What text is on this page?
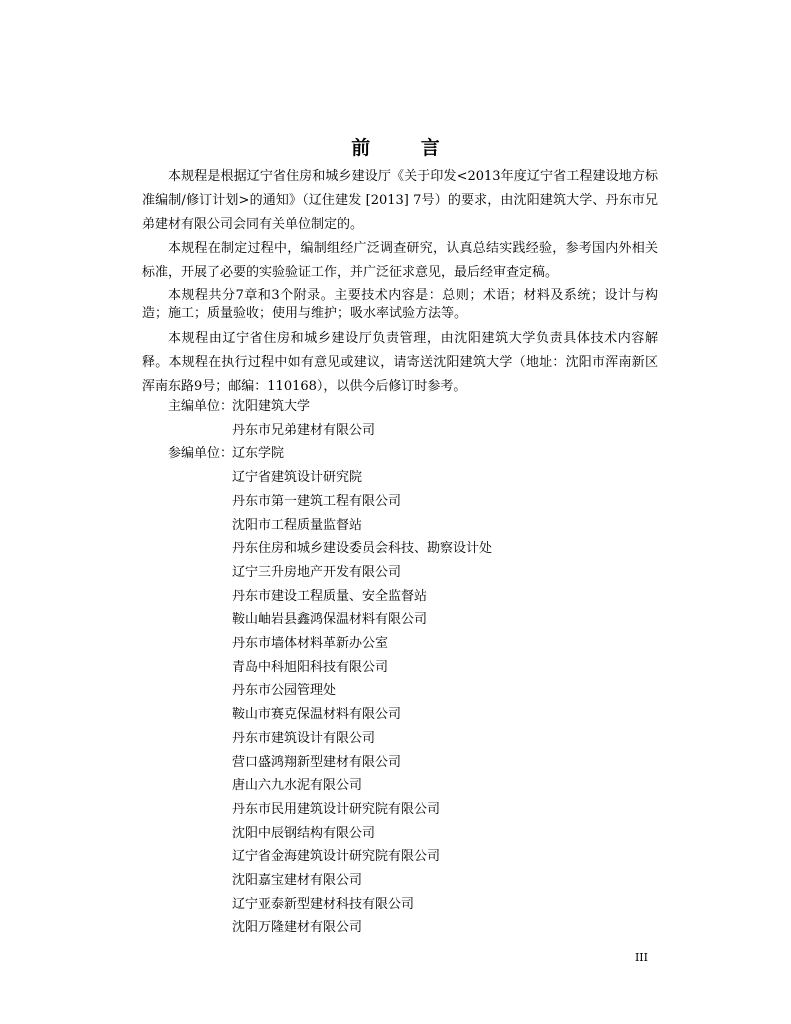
前 言

本规程是根据辽宁省住房和城乡建设厅《关于印发<2013年度辽宁省工程建设地方标准编制/修订计划>的通知》（辽住建发 [2013] 7号）的要求，由沈阳建筑大学、丹东市兄弟建材有限公司会同有关单位制定的。

本规程在制定过程中，编制组经广泛调查研究，认真总结实践经验，参考国内外相关标准，开展了必要的实验验证工作，并广泛征求意见，最后经审查定稿。

本规程共分7章和3个附录。主要技术内容是：总则；术语；材料及系统；设计与构造；施工；质量验收；使用与维护；吸水率试验方法等。

本规程由辽宁省住房和城乡建设厅负责管理，由沈阳建筑大学负责具体技术内容解释。本规程在执行过程中如有意见或建议，请寄送沈阳建筑大学（地址：沈阳市浑南新区浑南东路9号；邮编：110168），以供今后修订时参考。

主编单位：
沈阳建筑大学
丹东市兄弟建材有限公司
参编单位：
辽东学院
辽宁省建筑设计研究院
丹东市第一建筑工程有限公司
沈阳市工程质量监督站
丹东住房和城乡建设委员会科技、勘察设计处
辽宁三升房地产开发有限公司
丹东市建设工程质量、安全监督站
鞍山岫岩县鑫鸿保温材料有限公司
丹东市墙体材料革新办公室
青岛中科旭阳科技有限公司
丹东市公园管理处
鞍山市赛克保温材料有限公司
丹东市建筑设计有限公司
营口盛鸿翔新型建材有限公司
唐山六九水泥有限公司
丹东市民用建筑设计研究院有限公司
沈阳中辰钢结构有限公司
辽宁省金海建筑设计研究院有限公司
沈阳嘉宝建材有限公司
辽宁亚泰新型建材科技有限公司
沈阳万隆建材有限公司
III
